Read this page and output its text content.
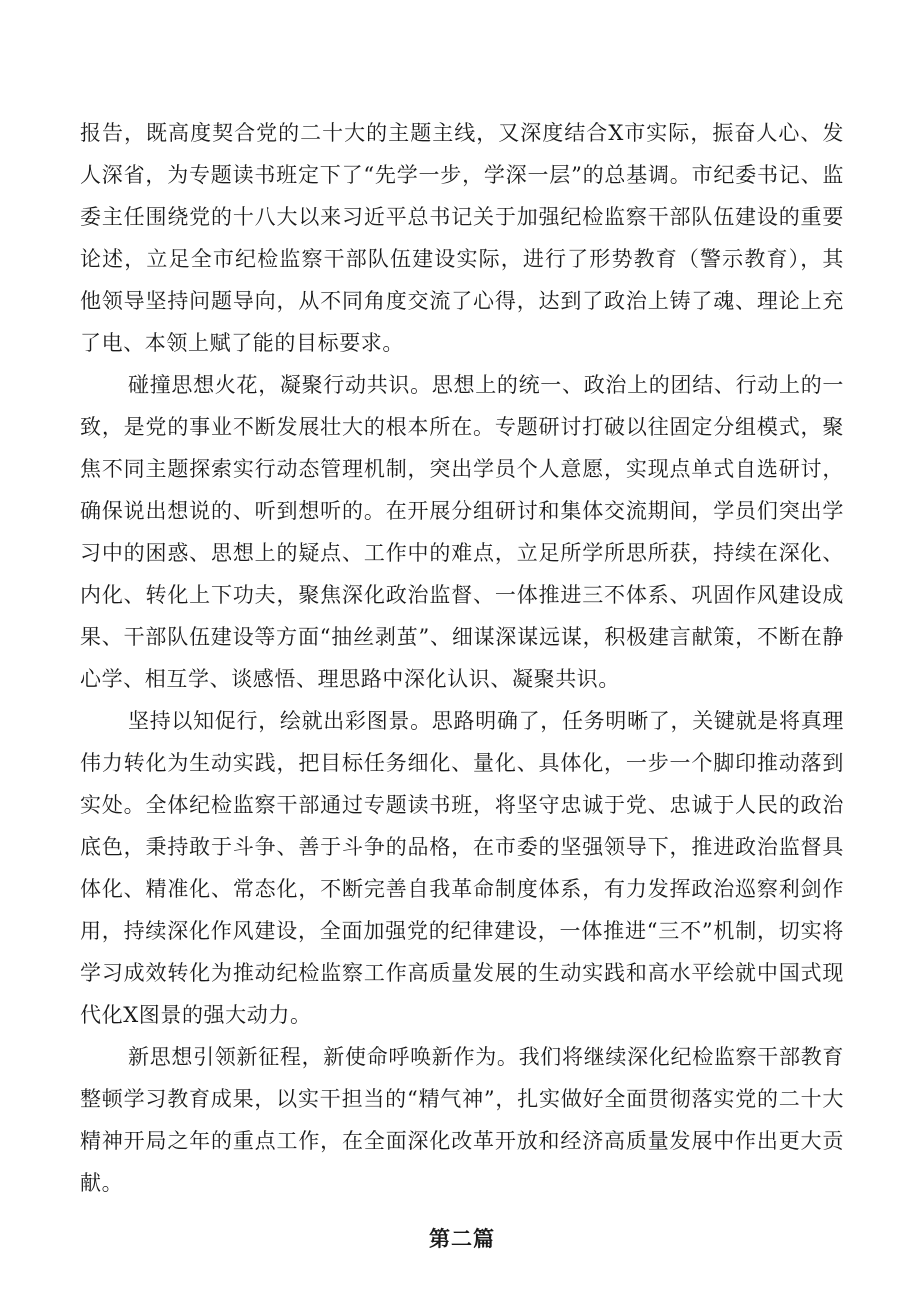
报告，既高度契合党的二十大的主题主线，又深度结合X市实际，振奋人心、发人深省，为专题读书班定下了“先学一步，学深一层”的总基调。市纪委书记、监委主任围绕党的十八大以来习近平总书记关于加强纪检监察干部队伍建设的重要论述，立足全市纪检监察干部队伍建设实际，进行了形势教育（警示教育），其他领导坚持问题导向，从不同角度交流了心得，达到了政治上铸了魂、理论上充了电、本领上赋了能的目标要求。

碰撞思想火花，凝聚行动共识。思想上的统一、政治上的团结、行动上的一致，是党的事业不断发展壮大的根本所在。专题研讨打破以往固定分组模式，聚焦不同主题探索实行动态管理机制，突出学员个人意愿，实现点单式自选研讨，确保说出想说的、听到想听的。在开展分组研讨和集体交流期间，学员们突出学习中的困惑、思想上的疑点、工作中的难点，立足所学所思所获，持续在深化、内化、转化上下功夫，聚焦深化政治监督、一体推进三不体系、巩固作风建设成果、干部队伍建设等方面“抽丝剥茧”、细谋深谋远谋，积极建言献策，不断在静心学、相互学、谈感悟、理思路中深化认识、凝聚共识。

坚持以知促行，绘就出彩图景。思路明确了，任务明晰了，关键就是将真理伟力转化为生动实践，把目标任务细化、量化、具体化，一步一个脚印推动落到实处。全体纪检监察干部通过专题读书班，将坚守忠诚于党、忠诚于人民的政治底色，秉持敢于斗争、善于斗争的品格，在市委的坚强领导下，推进政治监督具体化、精准化、常态化，不断完善自我革命制度体系，有力发挥政治巡察利剑作用，持续深化作风建设，全面加强党的纪律建设，一体推进“三不”机制，切实将学习成效转化为推动纪检监察工作高质量发展的生动实践和高水平绘就中国式现代化X图景的强大动力。

新思想引领新征程，新使命呼唤新作为。我们将继续深化纪检监察干部教育整顿学习教育成果，以实干担当的“精气神”，扎实做好全面贯彻落实党的二十大精神开局之年的重点工作，在全面深化改革开放和经济高质量发展中作出更大贡献。

第二篇
